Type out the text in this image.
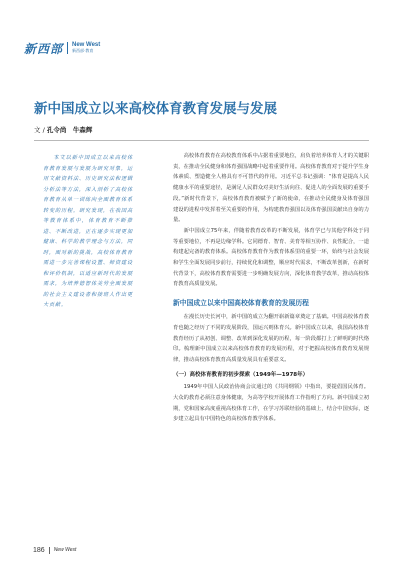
新西部 New West
新西部·教育
新中国成立以来高校体育教育发展与发展
文 / 孔令尚　牛森辉

本文以新中国成立以来高校体育教育发展与发展为研究对象，运用文献资料法、历史研究法和逻辑分析法等方法，深入剖析了高校体育教育从单一训练向全面教育体系转变的历程。研究发现，在我国高等教育体系中，体育教育不断推进、不断改进，正在逐步实现更加健康、科学的教学理念与方法，同时，面对新的挑战，高校体育教育需进一步完善课程设置、师资建设和评价机制，以适应新时代的发展需求，为培养德智体美劳全面发展的社会主义建设者和接班人作出更大贡献。

高校体育教育在高校教育体系中占据着重要地位，肩负着培养体育人才的关键职责，在推动全民健身和体育强国战略中起着重要作用。高校体育教育对于提升学生身体素质、塑造健全人格具有不可替代的作用。习近平总书记强调：“体育是提高人民健康水平的重要途径，是满足人民群众对美好生活向往、促进人的全面发展的重要手段。”新时代背景下，高校体育教育被赋予了新的使命，在推动全民健身及体育强国建设的进程中发挥着至关重要的作用，为构建教育强国以及体育强国贡献出自身的力量。

新中国成立75年来，伴随着教育改革的不断发展，体育学已与其他学科处于同等重要地位，不再是边缘学科。它同德育、智育、美育等相互协作、良性配合，一道构建起完备的教育体系。高校体育教育作为教育体系里的重要一环，始终与社会发展和学生全面发展同步前行，持续优化和调整，顺应时代需求，不断改革创新，在新时代背景下，高校体育教育需要进一步明确发展方向，深化体育教学改革，推动高校体育教育高质量发展。

新中国成立以来中国高校体育教育的发展历程

在漫长历史长河中，新中国的成立为翻开崭新篇章奠定了基础。中国高校体育教育也随之经历了不同的发展阶段，国运兴则体育兴。新中国成立以来，我国高校体育教育经历了从初创、调整、改革到深化发展的历程，每一阶段都打上了鲜明的时代烙印。梳理新中国成立以来高校体育教育的发展历程，对于把握高校体育教育发展规律，推动高校体育教育高质量发展具有重要意义。

（一）高校体育教育的初步探索（1949年—1978年）

1949年中国人民政治协商会议通过的《共同纲领》中指出，要提倡国民体育。大众的教育必须注意身体健康，为高等学校开展体育工作指明了方向。新中国成立初期，党和国家高度重视高校体育工作，在学习苏联经验的基础上，结合中国实际，逐步建立起具有中国特色的高校体育教学体系。

186 New West
